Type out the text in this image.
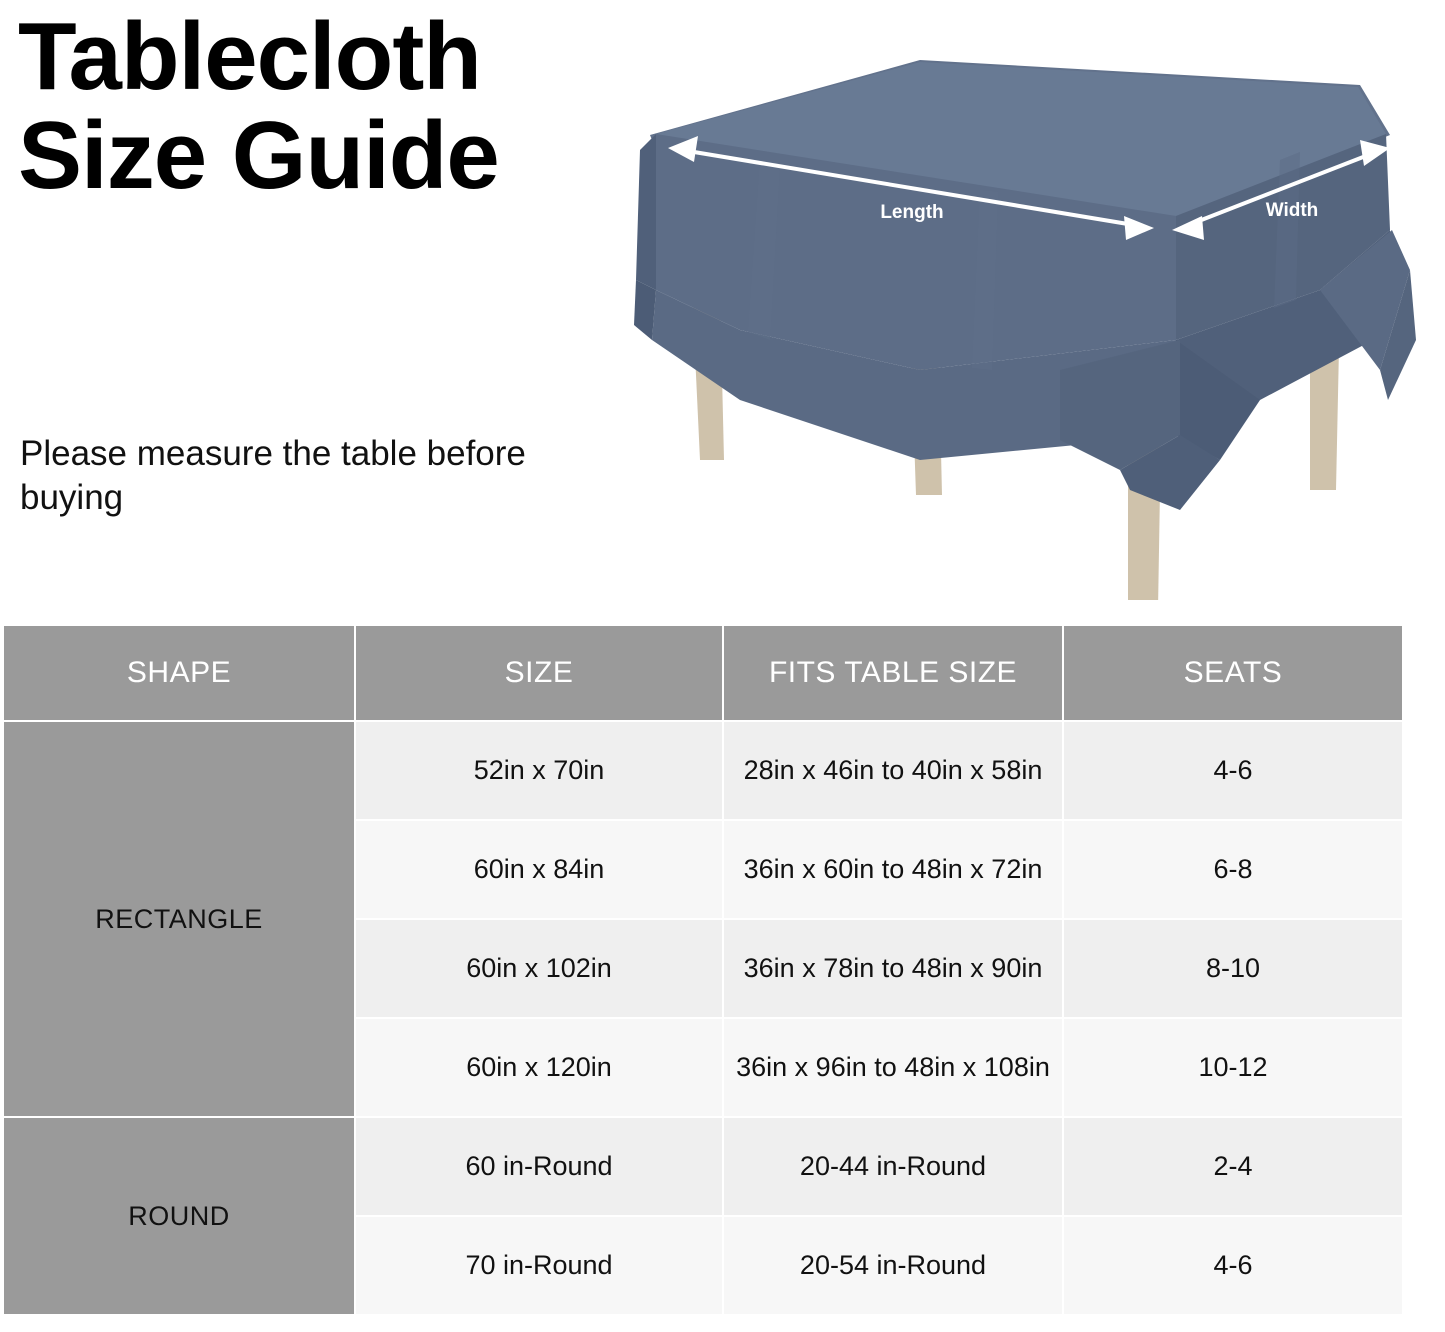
Tablecloth Size Guide
Please measure the table before buying
Length	Width
SHAPE	SIZE	FITS TABLE SIZE	SEATS
RECTANGLE	52in x 70in	28in x 46in to 40in x 58in	4-6
	60in x 84in	36in x 60in to 48in x 72in	6-8
	60in x 102in	36in x 78in to 48in x 90in	8-10
	60in x 120in	36in x 96in to 48in x 108in	10-12
ROUND	60 in-Round	20-44 in-Round	2-4
	70 in-Round	20-54 in-Round	4-6
